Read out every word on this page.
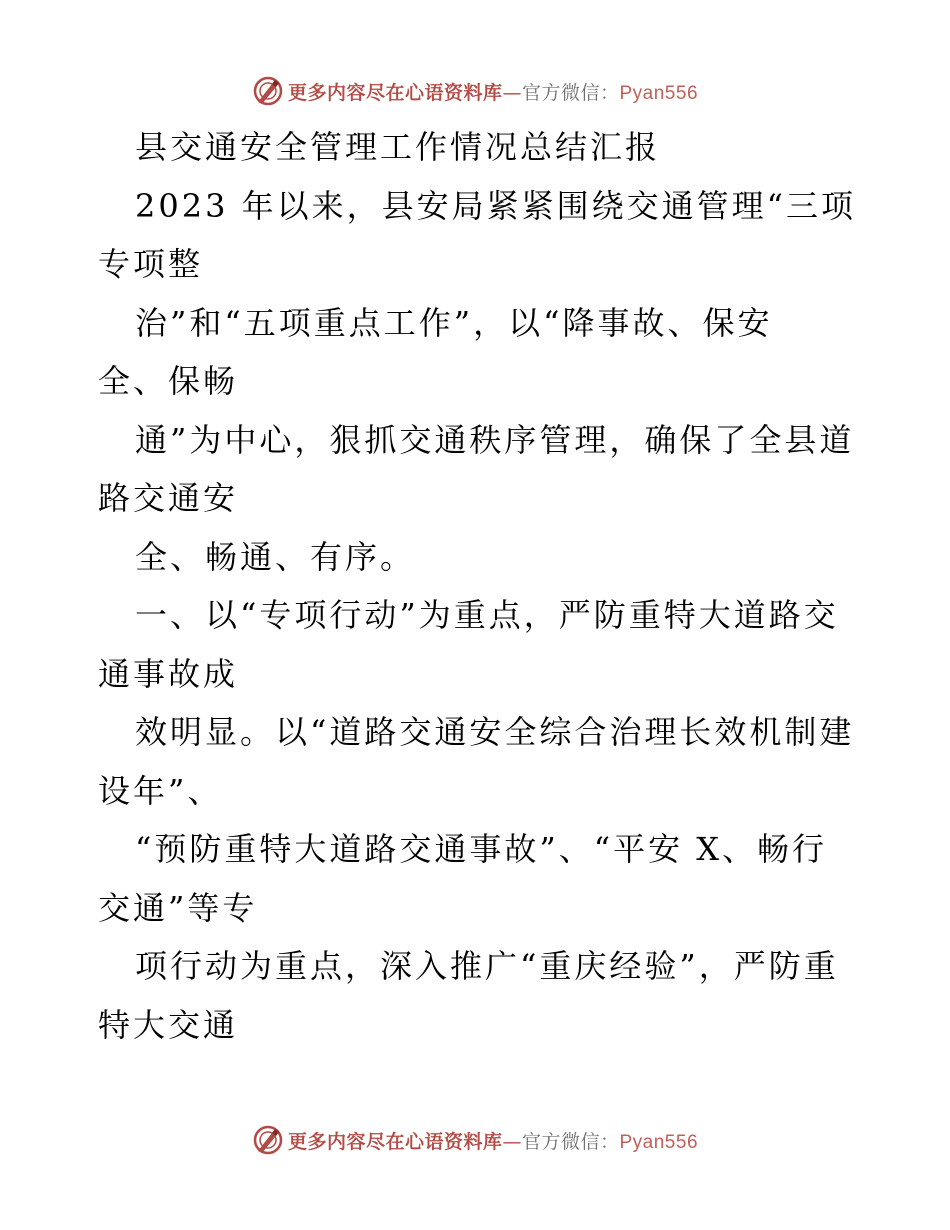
更多内容尽在心语资料库—官方微信：Pyan556
县交通安全管理工作情况总结汇报
2023 年以来，县安局紧紧围绕交通管理“三项
专项整
治”和“五项重点工作”，以“降事故、保安
全、保畅
通”为中心，狠抓交通秩序管理，确保了全县道
路交通安
全、畅通、有序。
一、以“专项行动”为重点，严防重特大道路交
通事故成
效明显。以“道路交通安全综合治理长效机制建
设年”、
“预防重特大道路交通事故”、“平安 X、畅行
交通”等专
项行动为重点，深入推广“重庆经验”，严防重
特大交通
更多内容尽在心语资料库—官方微信：Pyan556
